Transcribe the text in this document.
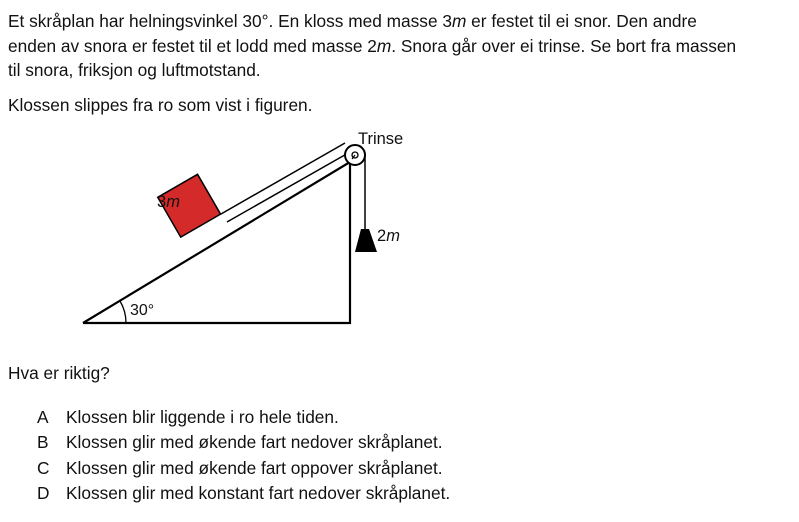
Et skråplan har helningsvinkel 30°. En kloss med masse 3m er festet til ei snor. Den andre
enden av snora er festet til et lodd med masse 2m. Snora går over ei trinse. Se bort fra massen
til snora, friksjon og luftmotstand.

Klossen slippes fra ro som vist i figuren.

30°
Trinse
3m
2m

Hva er riktig?

A Klossen blir liggende i ro hele tiden.
B Klossen glir med økende fart nedover skråplanet.
C Klossen glir med økende fart oppover skråplanet.
D Klossen glir med konstant fart nedover skråplanet.
